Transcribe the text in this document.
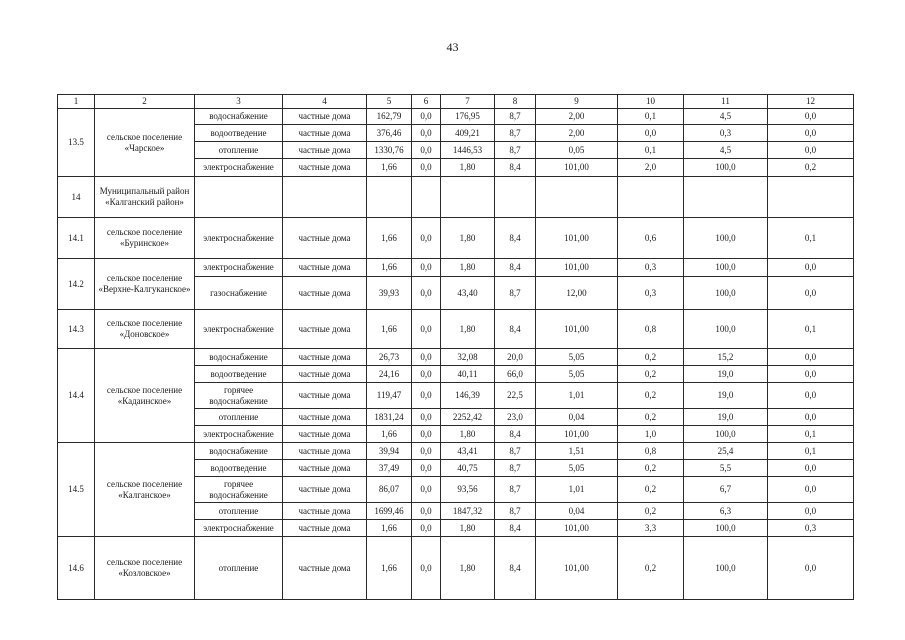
43
1	2	3	4	5	6	7	8	9	10	11	12
13.5	сельское поселение «Чарское»	водоснабжение	частные дома	162,79	0,0	176,95	8,7	2,00	0,1	4,5	0,0
		водоотведение	частные дома	376,46	0,0	409,21	8,7	2,00	0,0	0,3	0,0
		отопление	частные дома	1330,76	0,0	1446,53	8,7	0,05	0,1	4,5	0,0
		электроснабжение	частные дома	1,66	0,0	1,80	8,4	101,00	2,0	100,0	0,2
14	Муниципальный район «Калганский район»										
14.1	сельское поселение «Буринское»	электроснабжение	частные дома	1,66	0,0	1,80	8,4	101,00	0,6	100,0	0,1
14.2	сельское поселение «Верхне-Калгуканское»	электроснабжение	частные дома	1,66	0,0	1,80	8,4	101,00	0,3	100,0	0,0
		газоснабжение	частные дома	39,93	0,0	43,40	8,7	12,00	0,3	100,0	0,0
14.3	сельское поселение «Доновское»	электроснабжение	частные дома	1,66	0,0	1,80	8,4	101,00	0,8	100,0	0,1
14.4	сельское поселение «Кадаинское»	водоснабжение	частные дома	26,73	0,0	32,08	20,0	5,05	0,2	15,2	0,0
		водоотведение	частные дома	24,16	0,0	40,11	66,0	5,05	0,2	19,0	0,0
		горячее водоснабжение	частные дома	119,47	0,0	146,39	22,5	1,01	0,2	19,0	0,0
		отопление	частные дома	1831,24	0,0	2252,42	23,0	0,04	0,2	19,0	0,0
		электроснабжение	частные дома	1,66	0,0	1,80	8,4	101,00	1,0	100,0	0,1
14.5	сельское поселение «Калганское»	водоснабжение	частные дома	39,94	0,0	43,41	8,7	1,51	0,8	25,4	0,1
		водоотведение	частные дома	37,49	0,0	40,75	8,7	5,05	0,2	5,5	0,0
		горячее водоснабжение	частные дома	86,07	0,0	93,56	8,7	1,01	0,2	6,7	0,0
		отопление	частные дома	1699,46	0,0	1847,32	8,7	0,04	0,2	6,3	0,0
		электроснабжение	частные дома	1,66	0,0	1,80	8,4	101,00	3,3	100,0	0,3
14.6	сельское поселение «Козловское»	отопление	частные дома	1,66	0,0	1,80	8,4	101,00	0,2	100,0	0,0
